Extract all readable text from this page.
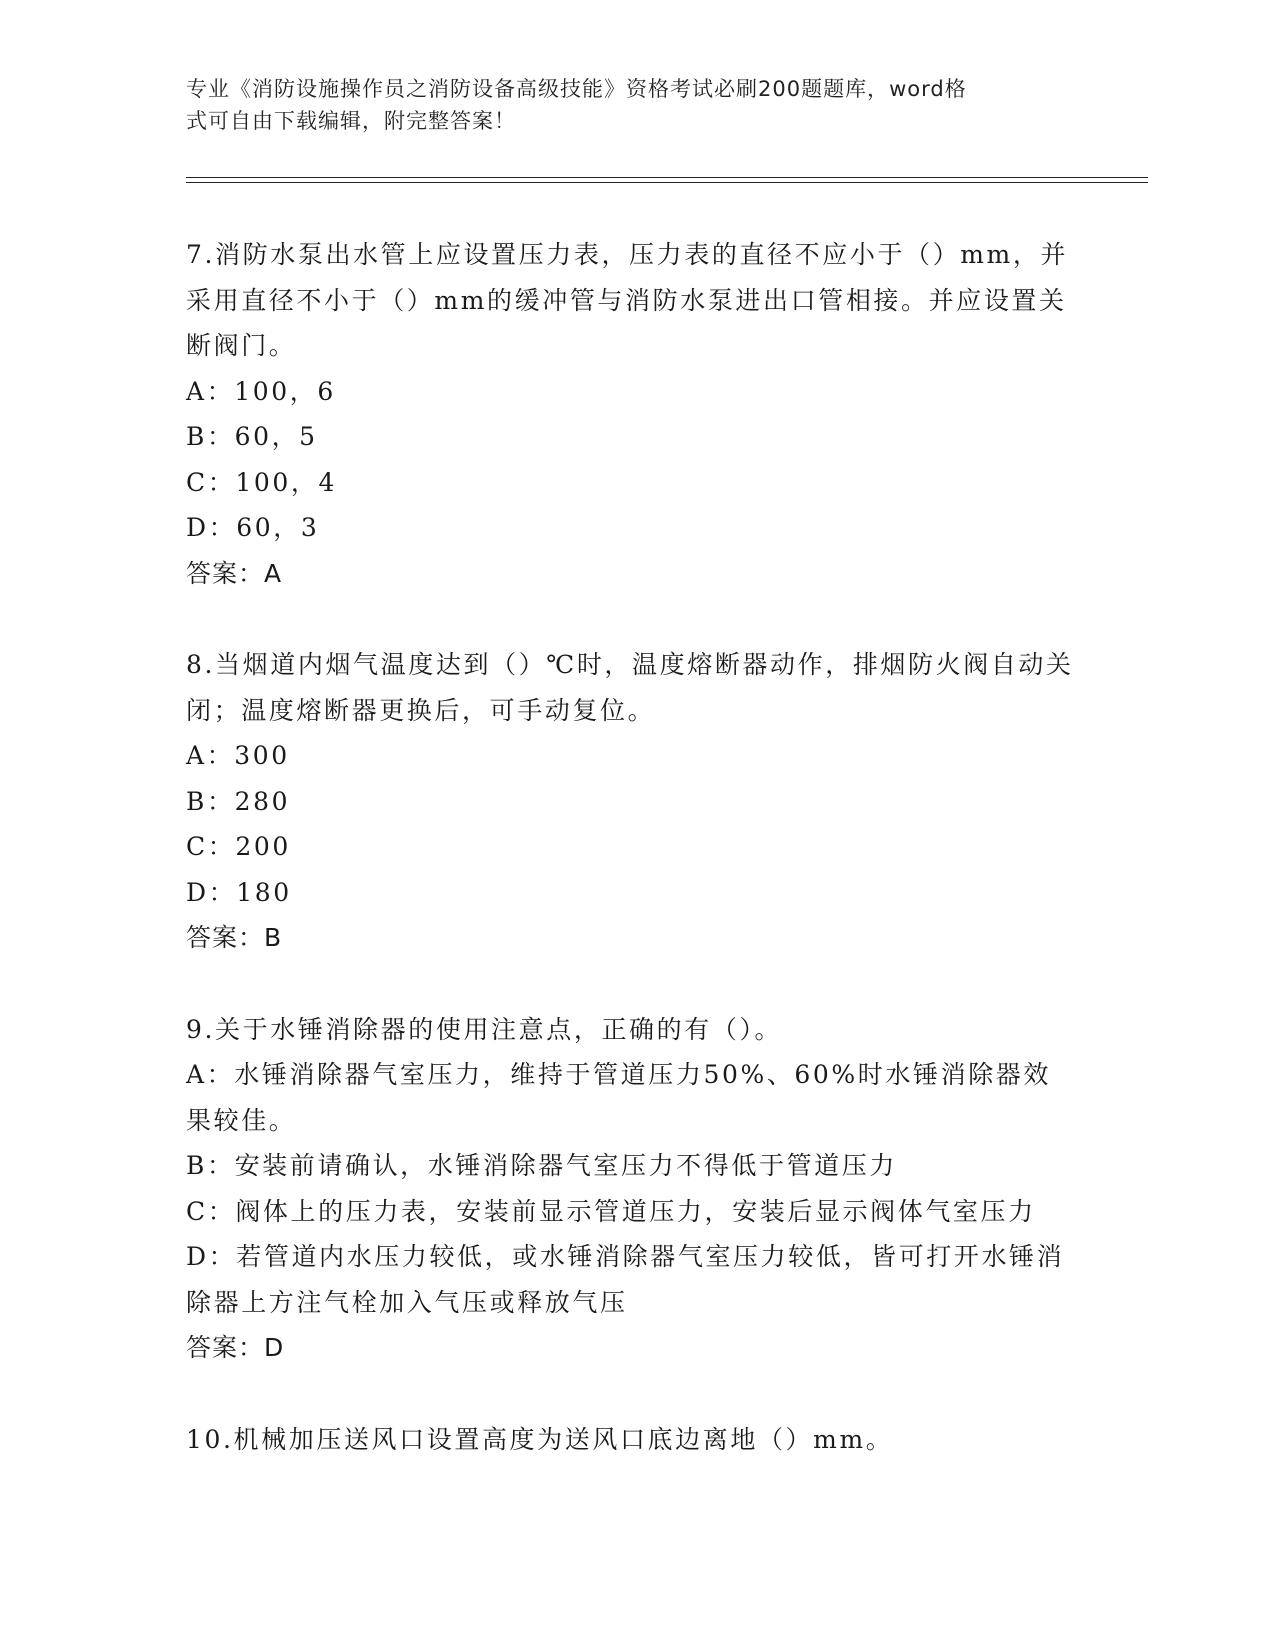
专业《消防设施操作员之消防设备高级技能》资格考试必刷200题题库，word格
式可自由下载编辑，附完整答案！

7.消防水泵出水管上应设置压力表，压力表的直径不应小于（）mm，并采用直径不小于（）mm的缓冲管与消防水泵进出口管相接。并应设置关断阀门。

A：100，6

B：60，5

C：100，4

D：60，3

答案：A

8.当烟道内烟气温度达到（）℃时，温度熔断器动作，排烟防火阀自动关闭；温度熔断器更换后，可手动复位。

A：300

B：280

C：200

D：180

答案：B

9.关于水锤消除器的使用注意点，正确的有（）。

A：水锤消除器气室压力，维持于管道压力50%、60%时水锤消除器效果较佳。

B：安装前请确认，水锤消除器气室压力不得低于管道压力

C：阀体上的压力表，安装前显示管道压力，安装后显示阀体气室压力

D：若管道内水压力较低，或水锤消除器气室压力较低，皆可打开水锤消除器上方注气栓加入气压或释放气压

答案：D

10.机械加压送风口设置高度为送风口底边离地（）mm。
